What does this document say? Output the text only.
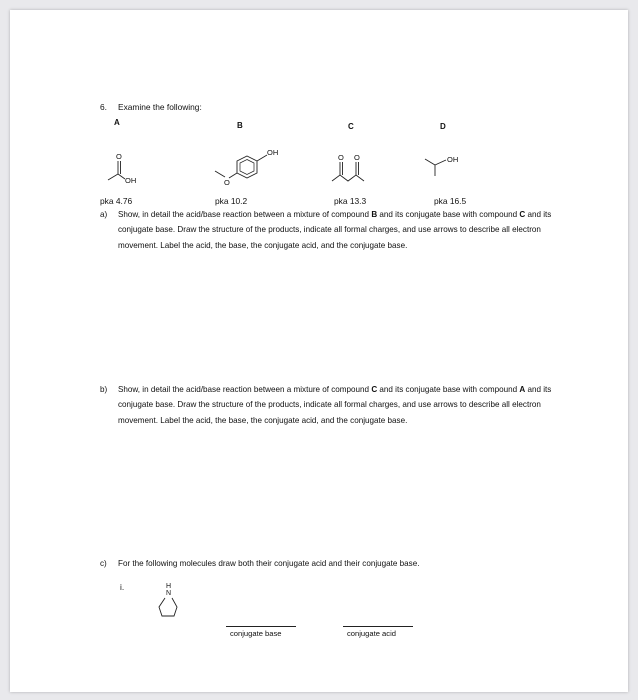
6. Examine the following:
A	B	C	D
O
OH
OH
O
O O	OH
pka 4.76	pka 10.2	pka 13.3	pka 16.5
a) Show, in detail the acid/base reaction between a mixture of compound B and its conjugate base with compound C and its conjugate base. Draw the structure of the products, indicate all formal charges, and use arrows to describe all electron movement. Label the acid, the base, the conjugate acid, and the conjugate base.
b) Show, in detail the acid/base reaction between a mixture of compound C and its conjugate base with compound A and its conjugate base. Draw the structure of the products, indicate all formal charges, and use arrows to describe all electron movement. Label the acid, the base, the conjugate acid, and the conjugate base.
c) For the following molecules draw both their conjugate acid and their conjugate base.
i.	H
N
conjugate base	conjugate acid
